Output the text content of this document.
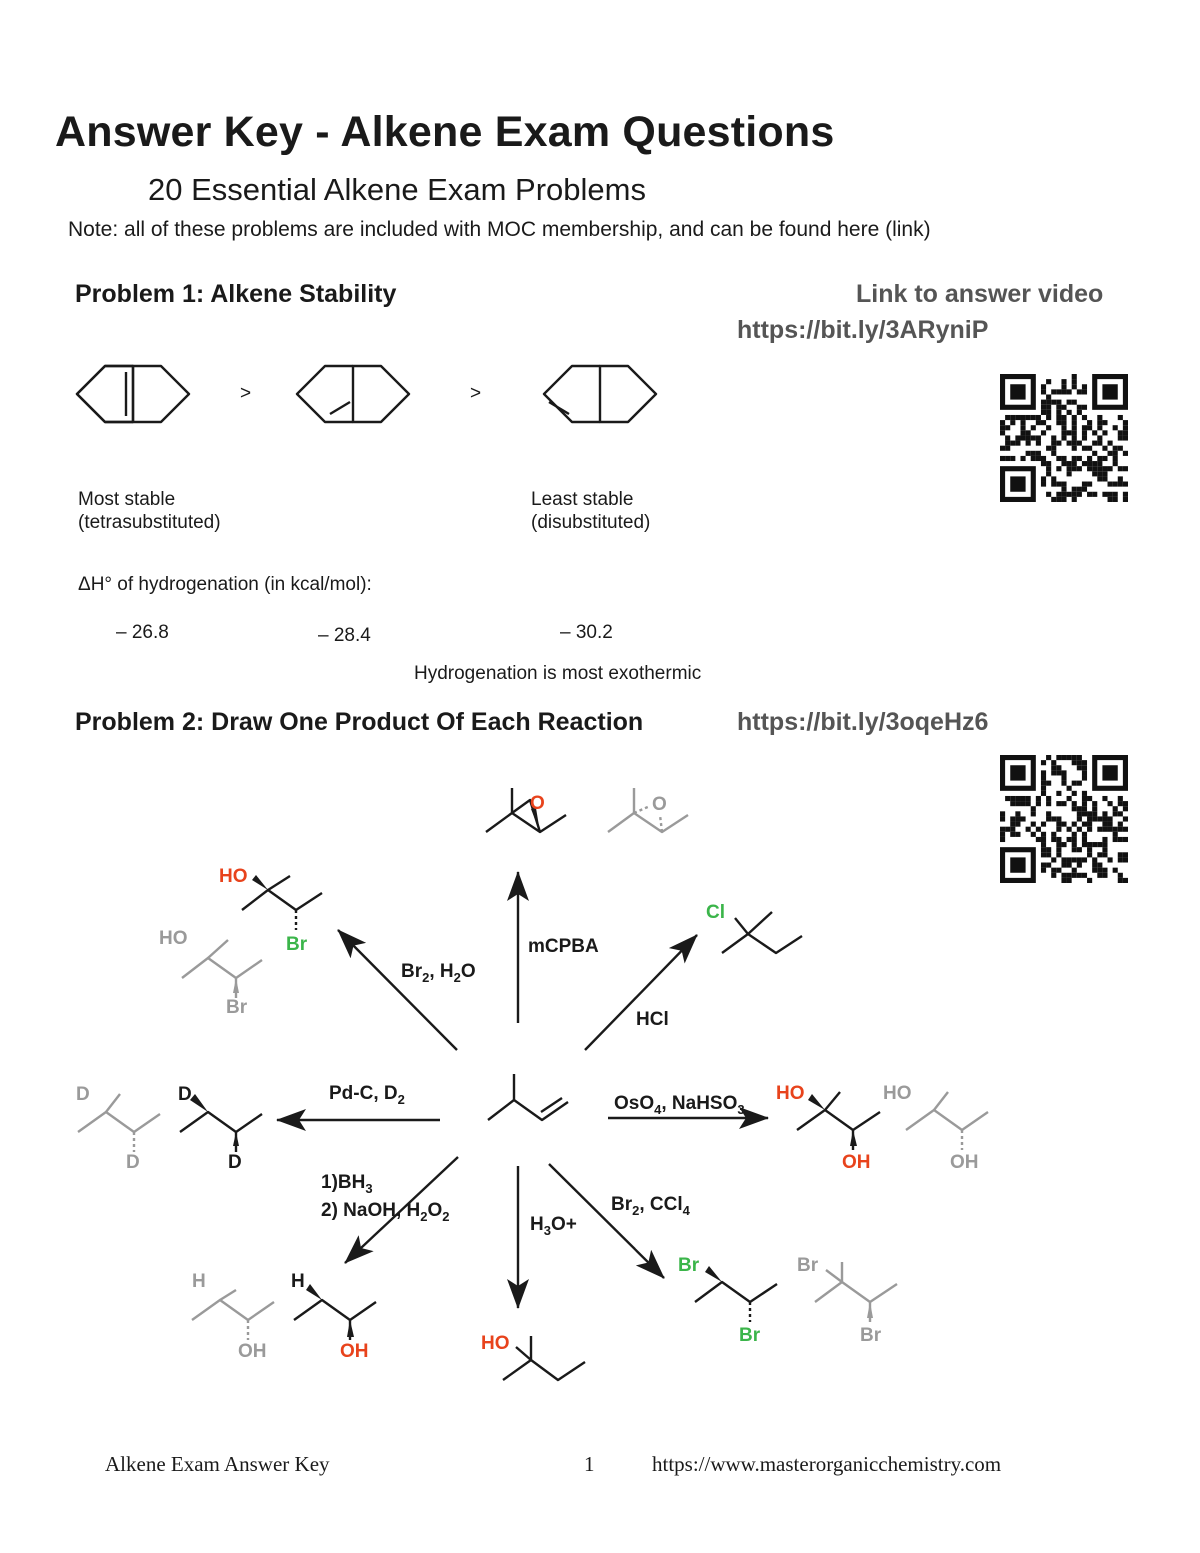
Answer Key - Alkene Exam Questions
20 Essential Alkene Exam Problems
Note: all of these problems are included with MOC membership, and can be found here (link)
Problem 1: Alkene Stability	Link to answer video
https://bit.ly/3ARyniP
>	>
Most stable
(tetrasubstituted)
Least stable
(disubstituted)
ΔH° of hydrogenation (in kcal/mol):
– 26.8	– 28.4	– 30.2
Hydrogenation is most exothermic
Problem 2: Draw One Product Of Each Reaction	https://bit.ly/3oqeHz6
O	O
HO
Br
HO
Br
Cl
D
D
D
D
HO
OH
HO
OH
H
OH
H
OH	HO
Br
Br
Br
Br
mCPBA
$Br_2$, $H_2O$
HCl
Pd-C, $D_2$	OsO$_4$, NaHSO$_3$
$1)BH_3$
2) NaOH, $H_2O_2$	$H_3O+$
$Br_2$, CCl$_4$
Alkene Exam Answer Key	1	https://www.masterorganicchemistry.com
